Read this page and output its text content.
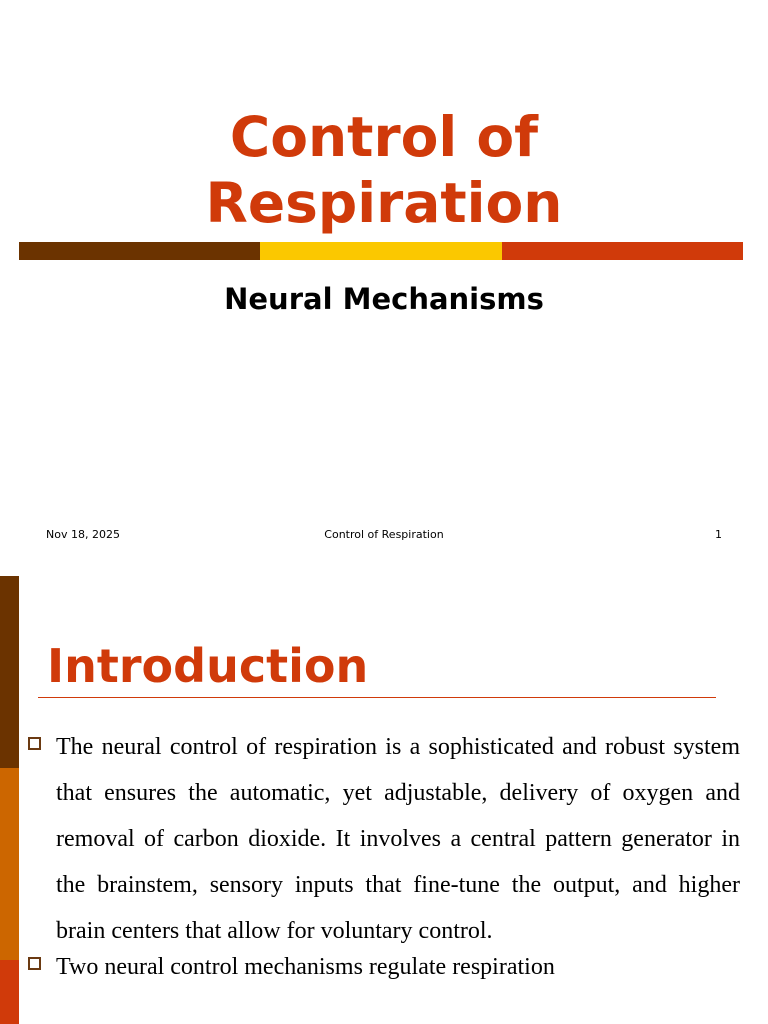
Control of
Respiration
Neural Mechanisms
Nov 18, 2025	Control of Respiration	1
Introduction
The neural control of respiration is a sophisticated and robust system that ensures the automatic, yet adjustable, delivery of oxygen and removal of carbon dioxide. It involves a central pattern generator in the brainstem, sensory inputs that fine-tune the output, and higher brain centers that allow for voluntary control.
Two neural control mechanisms regulate respiration
